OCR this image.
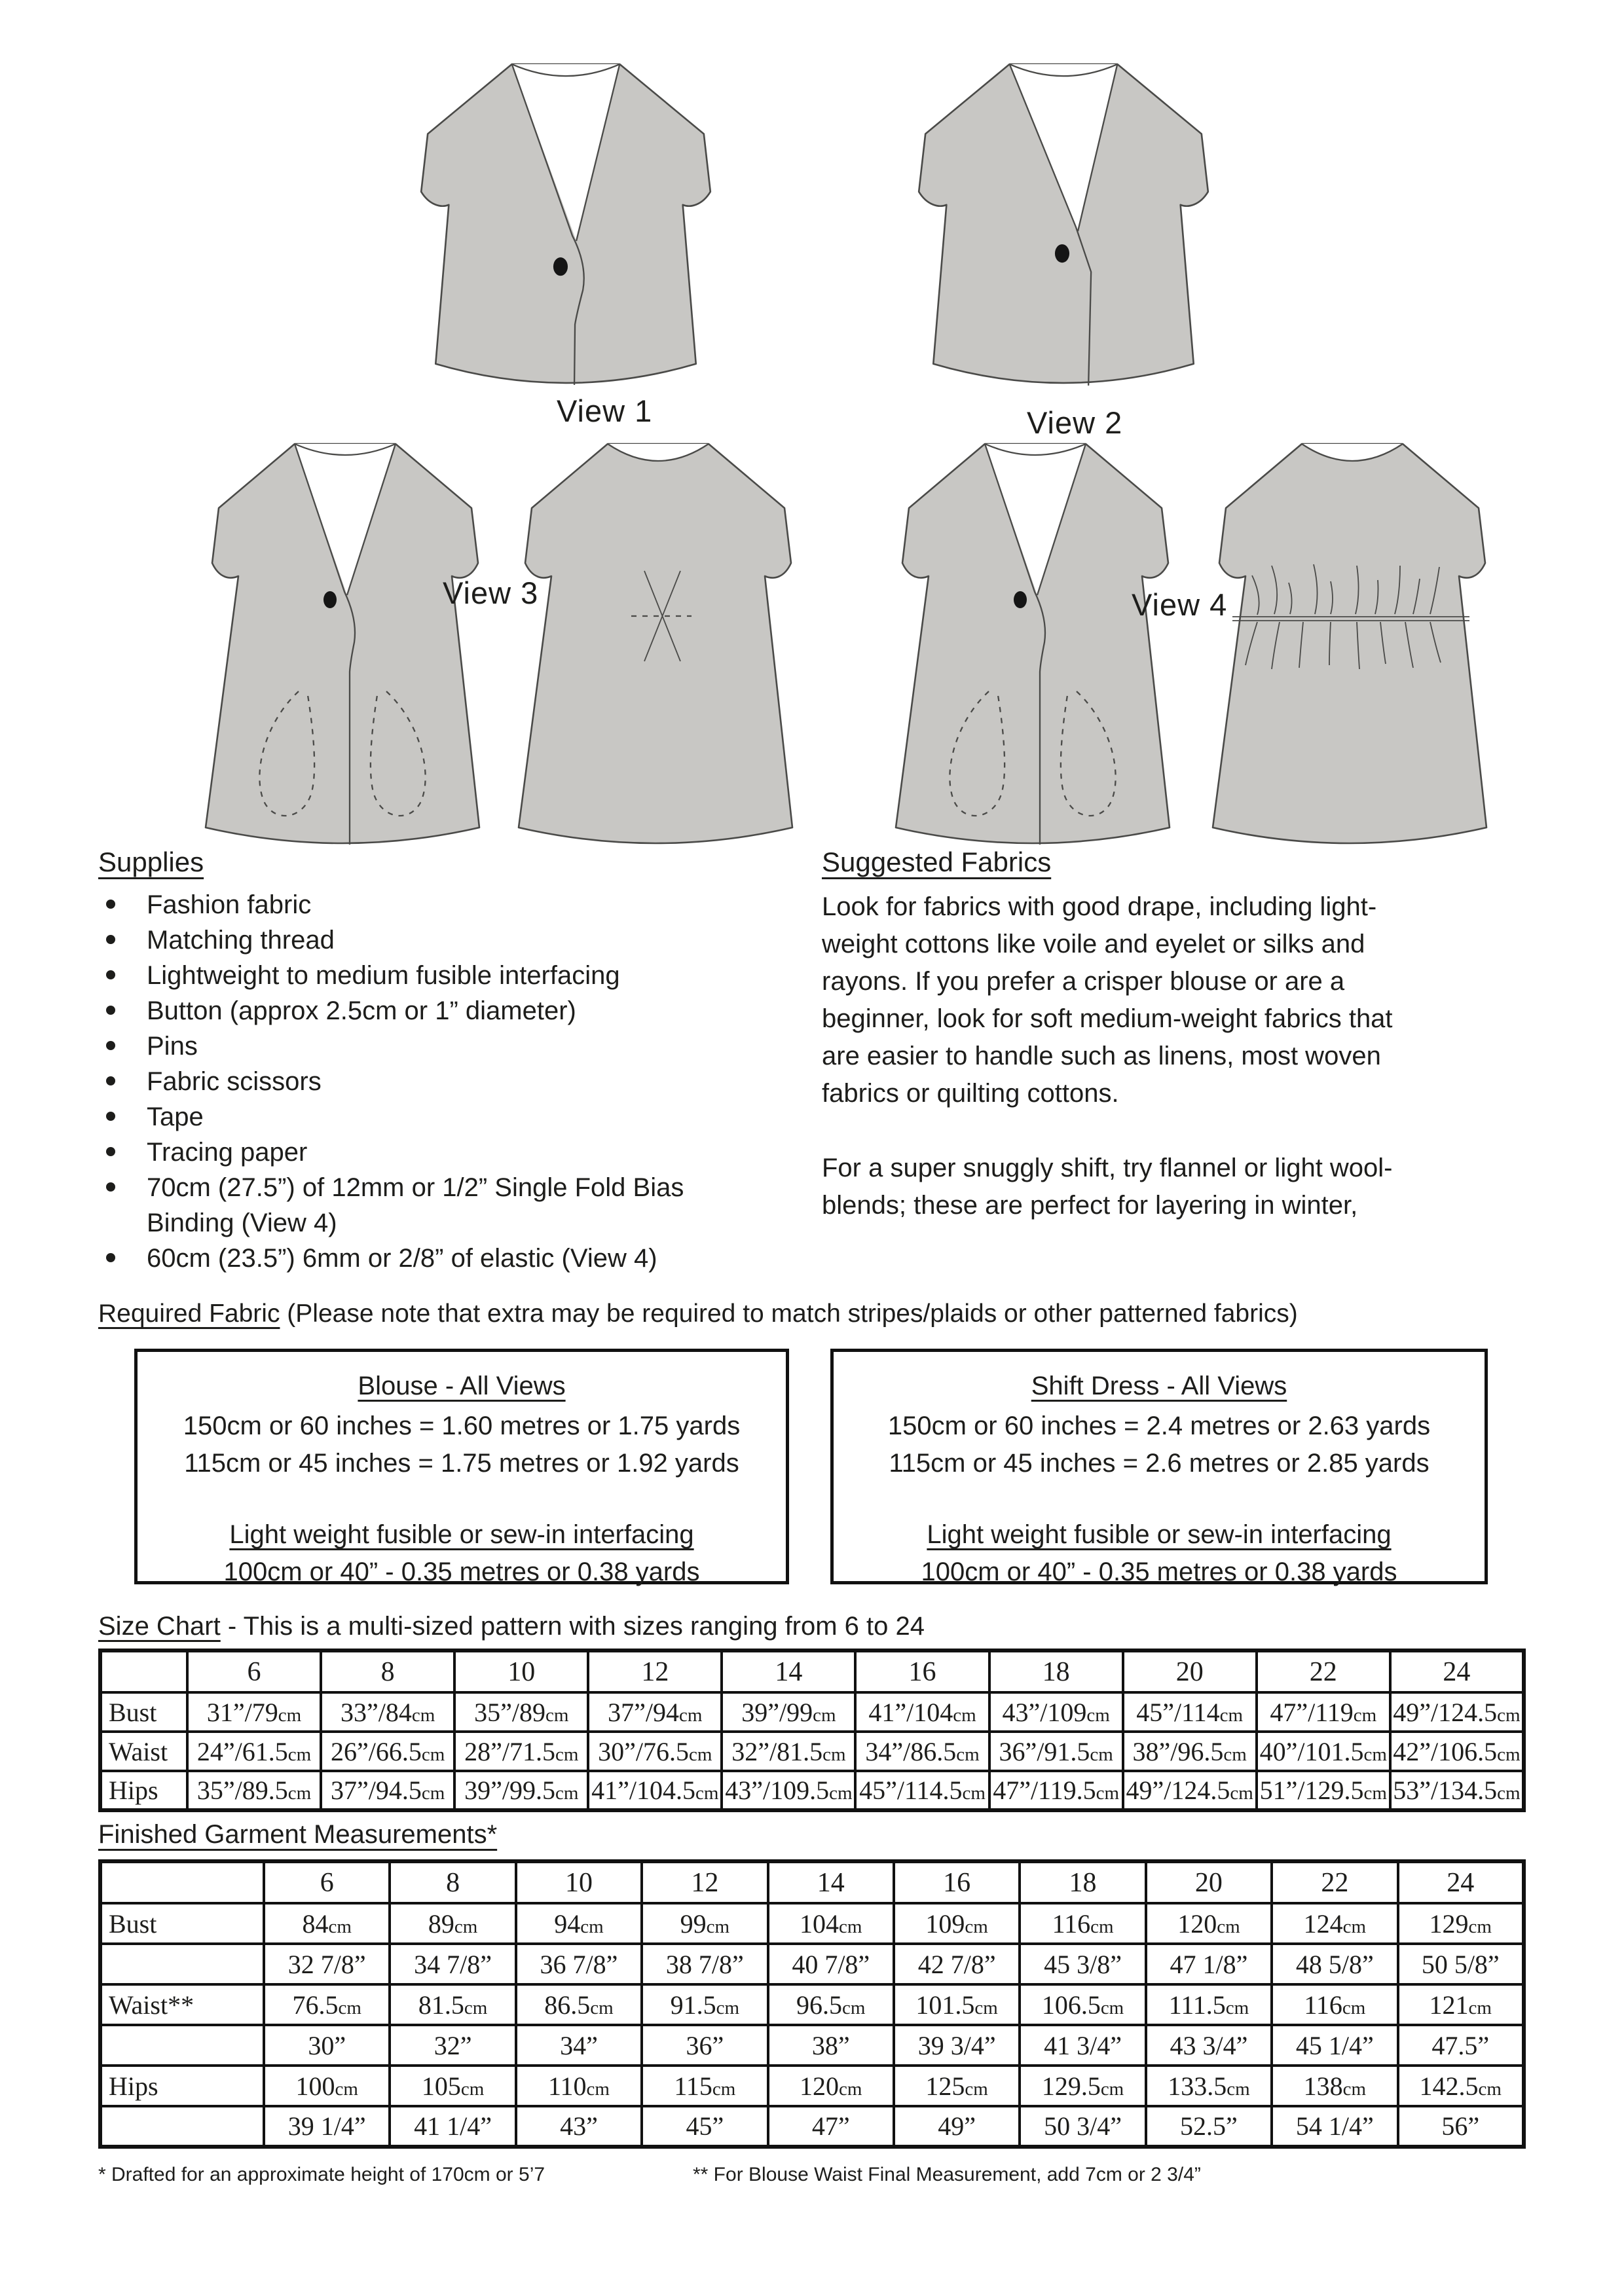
View 1	View 2
View 3	View 4
Supplies
Fashion fabric
Matching thread
Lightweight to medium fusible interfacing
Button (approx 2.5cm or 1” diameter)
Pins
Fabric scissors
Tape
Tracing paper
70cm (27.5”) of 12mm or 1/2” Single Fold Bias
Binding (View 4)
60cm (23.5”) 6mm or 2/8” of elastic (View 4)
Suggested Fabrics
Look for fabrics with good drape, including light-
weight cottons like voile and eyelet or silks and
rayons. If you prefer a crisper blouse or are a
beginner, look for soft medium-weight fabrics that
are easier to handle such as linens, most woven
fabrics or quilting cottons.
For a super snuggly shift, try flannel or light wool-
blends; these are perfect for layering in winter,
Required Fabric (Please note that extra may be required to match stripes/plaids or other patterned fabrics)
Blouse - All Views
150cm or 60 inches = 1.60 metres or 1.75 yards
115cm or 45 inches = 1.75 metres or 1.92 yards
Light weight fusible or sew-in interfacing
100cm or 40” - 0.35 metres or 0.38 yards
Shift Dress - All Views
150cm or 60 inches = 2.4 metres or 2.63 yards
115cm or 45 inches = 2.6 metres or 2.85 yards
Light weight fusible or sew-in interfacing
100cm or 40” - 0.35 metres or 0.38 yards
Size Chart - This is a multi-sized pattern with sizes ranging from 6 to 24
	6	8	10	12	14	16	18	20	22	24
Bust	31”/79cm	33”/84cm	35”/89cm	37”/94cm	39”/99cm	41”/104cm	43”/109cm	45”/114cm	47”/119cm	49”/124.5cm
Waist	24”/61.5cm	26”/66.5cm	28”/71.5cm	30”/76.5cm	32”/81.5cm	34”/86.5cm	36”/91.5cm	38”/96.5cm	40”/101.5cm	42”/106.5cm
Hips	35”/89.5cm	37”/94.5cm	39”/99.5cm	41”/104.5cm	43”/109.5cm	45”/114.5cm	47”/119.5cm	49”/124.5cm	51”/129.5cm	53”/134.5cm
Finished Garment Measurements*
	6	8	10	12	14	16	18	20	22	24
Bust	84cm	89cm	94cm	99cm	104cm	109cm	116cm	120cm	124cm	129cm
	32 7/8”	34 7/8”	36 7/8”	38 7/8”	40 7/8”	42 7/8”	45 3/8”	47 1/8”	48 5/8”	50 5/8”
Waist**	76.5cm	81.5cm	86.5cm	91.5cm	96.5cm	101.5cm	106.5cm	111.5cm	116cm	121cm
	30”	32”	34”	36”	38”	39 3/4”	41 3/4”	43 3/4”	45 1/4”	47.5”
Hips	100cm	105cm	110cm	115cm	120cm	125cm	129.5cm	133.5cm	138cm	142.5cm
	39 1/4”	41 1/4”	43”	45”	47”	49”	50 3/4”	52.5”	54 1/4”	56”
* Drafted for an approximate height of 170cm or 5’7	** For Blouse Waist Final Measurement, add 7cm or 2 3/4”
